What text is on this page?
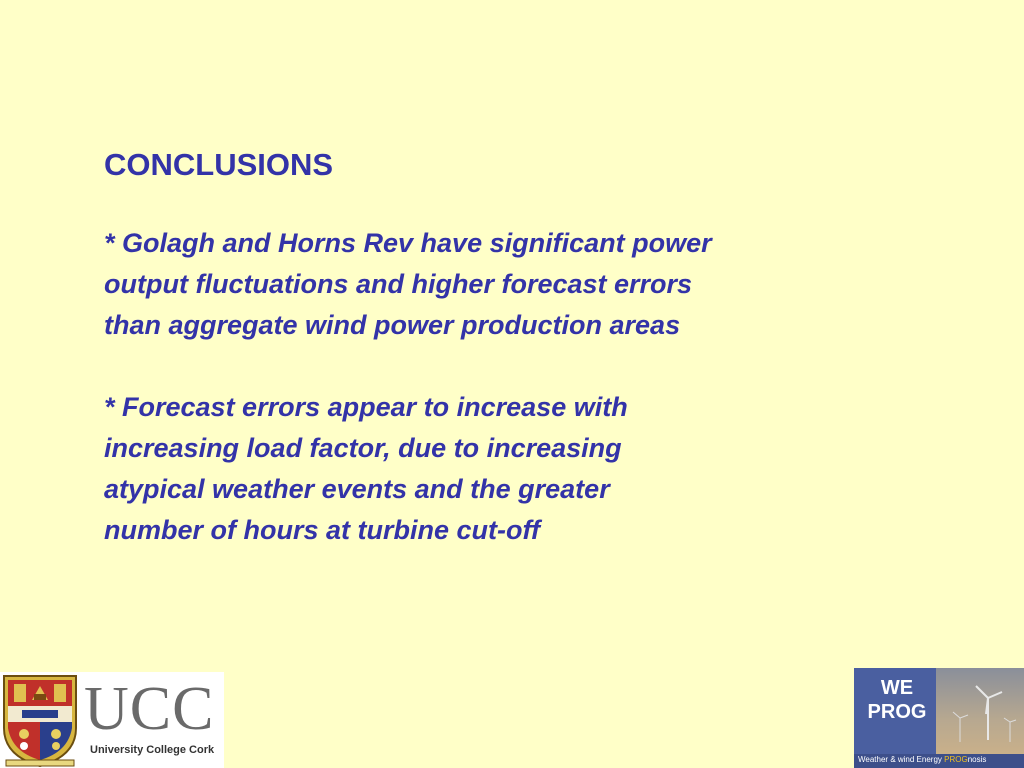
CONCLUSIONS

* Golagh and Horns Rev have significant power

output fluctuations and higher forecast errors

than aggregate wind power production areas

* Forecast errors appear to increase with

increasing load factor, due to increasing

atypical weather events and the greater

number of hours at turbine cut-off

UCC
University College Cork
WE
PROG
Weather & wind Energy PROGnosis
